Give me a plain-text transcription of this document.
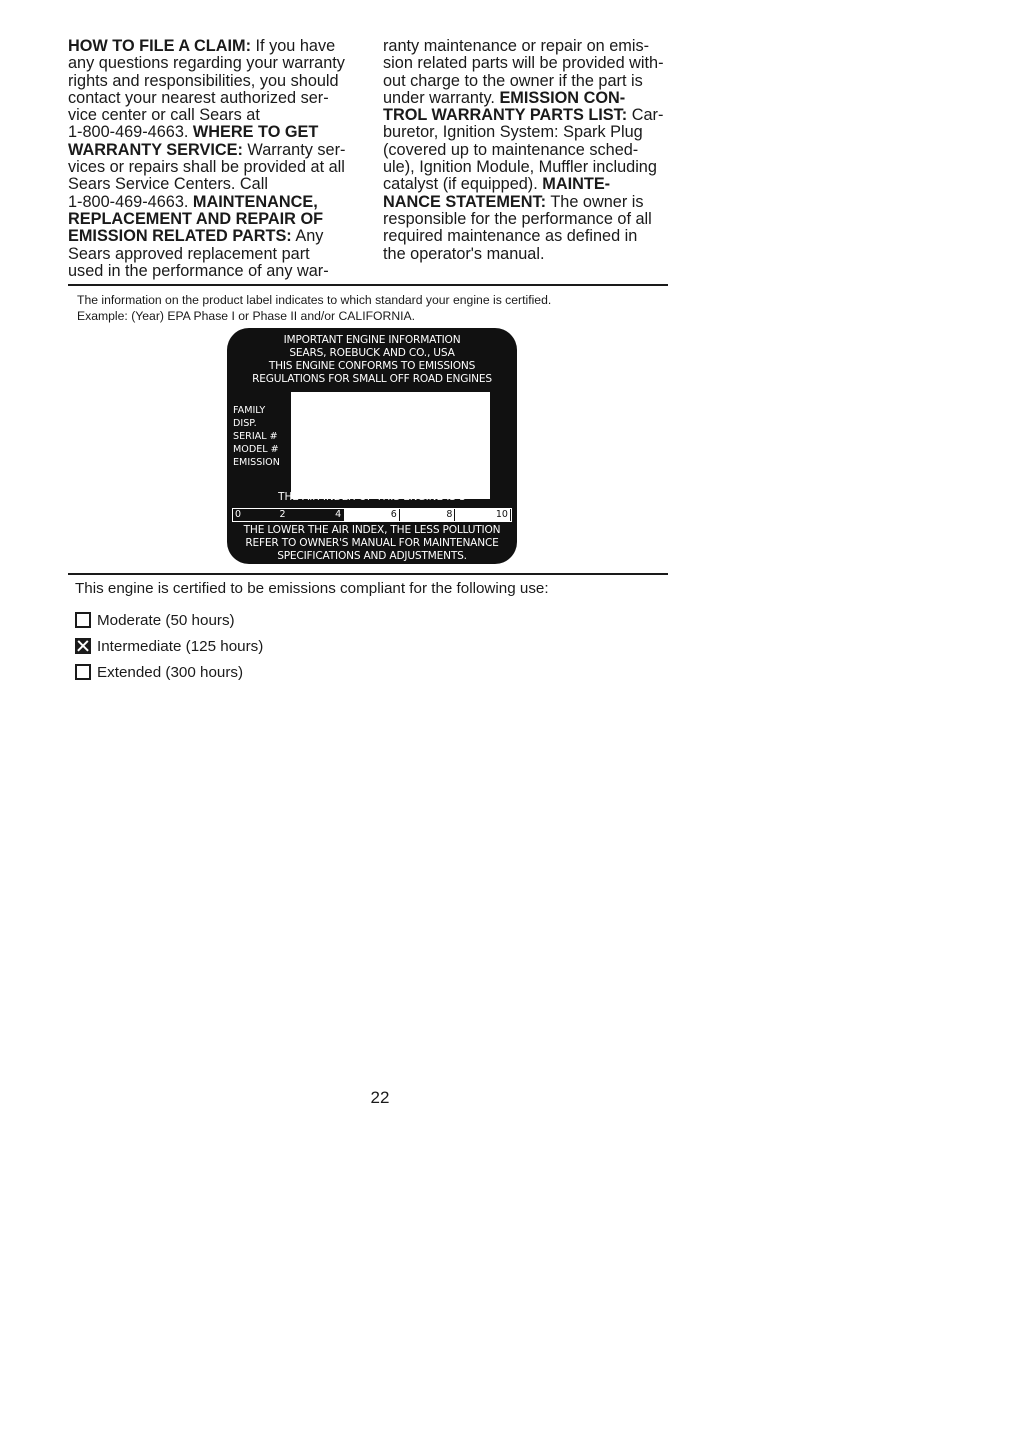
HOW TO FILE A CLAIM: If you have
any questions regarding your warranty
rights and responsibilities, you should
contact your nearest authorized ser-
vice center or call Sears at
1-800-469-4663. WHERE TO GET
WARRANTY SERVICE: Warranty ser-
vices or repairs shall be provided at all
Sears Service Centers. Call
1-800-469-4663. MAINTENANCE,
REPLACEMENT AND REPAIR OF
EMISSION RELATED PARTS: Any
Sears approved replacement part
used in the performance of any war-
ranty maintenance or repair on emis-
sion related parts will be provided with-
out charge to the owner if the part is
under warranty. EMISSION CON-
TROL WARRANTY PARTS LIST: Car-
buretor, Ignition System: Spark Plug
(covered up to maintenance sched-
ule), Ignition Module, Muffler including
catalyst (if equipped). MAINTE-
NANCE STATEMENT: The owner is
responsible for the performance of all
required maintenance as defined in
the operator's manual.
The information on the product label indicates to which standard your engine is certified.
Example: (Year) EPA Phase I or Phase II and/or CALIFORNIA.
IMPORTANT ENGINE INFORMATION
SEARS, ROEBUCK AND CO., USA
THIS ENGINE CONFORMS TO EMISSIONS
REGULATIONS FOR SMALL OFF ROAD ENGINES
FAMILY
DISP.
SERIAL #
MODEL #
EMISSION
THE AIR INDEX OF THIS ENGINE IS 3
2	4	6	8	10
0
THE LOWER THE AIR INDEX, THE LESS POLLUTION
REFER TO OWNER'S MANUAL FOR MAINTENANCE
SPECIFICATIONS AND ADJUSTMENTS.
This engine is certified to be emissions compliant for the following use:
Moderate (50 hours)
Intermediate (125 hours)
Extended (300 hours)
22
